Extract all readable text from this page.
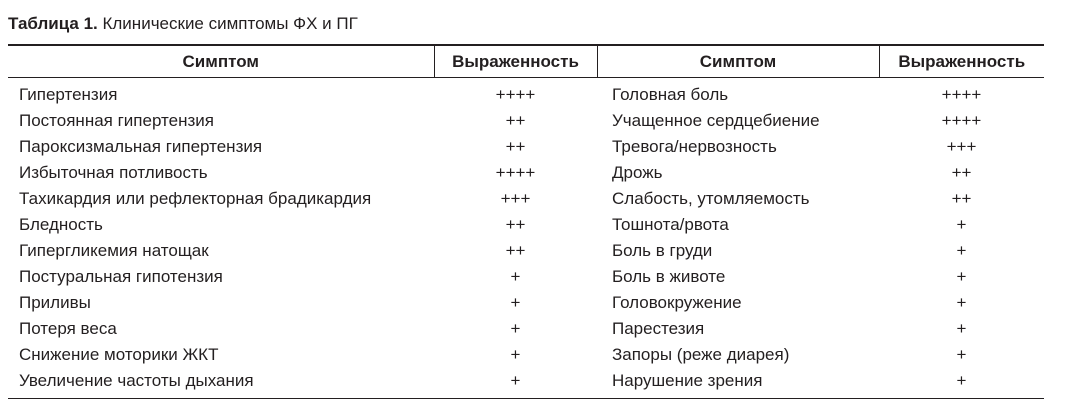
Таблица 1. Клинические симптомы ФХ и ПГ
Симптом	Выраженность	Симптом	Выраженность
Гипертензия	++++	Головная боль	++++
Постоянная гипертензия	++	Учащенное сердцебиение	++++
Пароксизмальная гипертензия	++	Тревога/нервозность	+++
Избыточная потливость	++++	Дрожь	++
Тахикардия или рефлекторная брадикардия	+++	Слабость, утомляемость	++
Бледность	++	Тошнота/рвота	+
Гипергликемия натощак	++	Боль в груди	+
Постуральная гипотензия	+	Боль в животе	+
Приливы	+	Головокружение	+
Потеря веса	+	Парестезия	+
Снижение моторики ЖКТ	+	Запоры (реже диарея)	+
Увеличение частоты дыхания	+	Нарушение зрения	+
